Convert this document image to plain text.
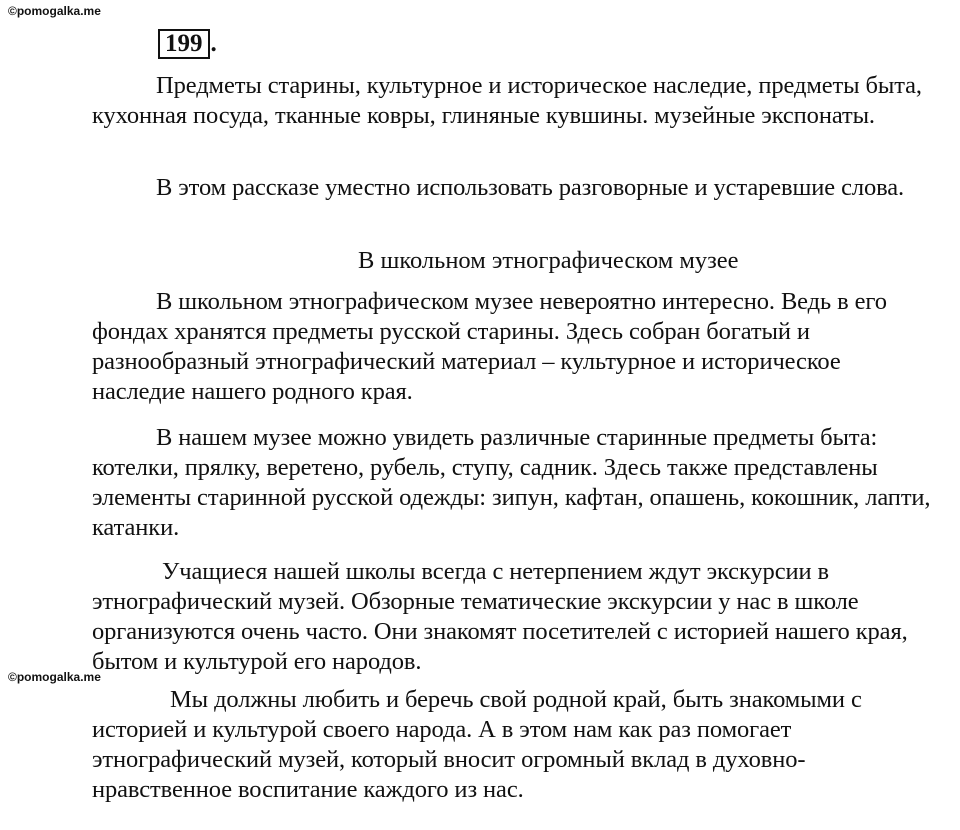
©pomogalka.me
199 .

Предметы старины, культурное и историческое наследие, предметы быта, кухонная посуда, тканные ковры, глиняные кувшины. музейные экспонаты.

В этом рассказе уместно использовать разговорные и устаревшие слова.

В школьном этнографическом музее

В школьном этнографическом музее невероятно интересно. Ведь в его фондах хранятся предметы русской старины. Здесь собран богатый и разнообразный этнографический материал – культурное и историческое наследие нашего родного края.

В нашем музее можно увидеть различные старинные предметы быта: котелки, прялку, веретено, рубель, ступу, садник. Здесь также представлены элементы старинной русской одежды: зипун, кафтан, опашень, кокошник, лапти, катанки.

Учащиеся нашей школы всегда с нетерпением ждут экскурсии в этнографический музей. Обзорные тематические экскурсии у нас в школе организуются очень часто. Они знакомят посетителей с историей нашего края, бытом и культурой его народов.

©pomogalka.me

Мы должны любить и беречь свой родной край, быть знакомыми с историей и культурой своего народа. А в этом нам как раз помогает этнографический музей, который вносит огромный вклад в духовно-нравственное воспитание каждого из нас.
